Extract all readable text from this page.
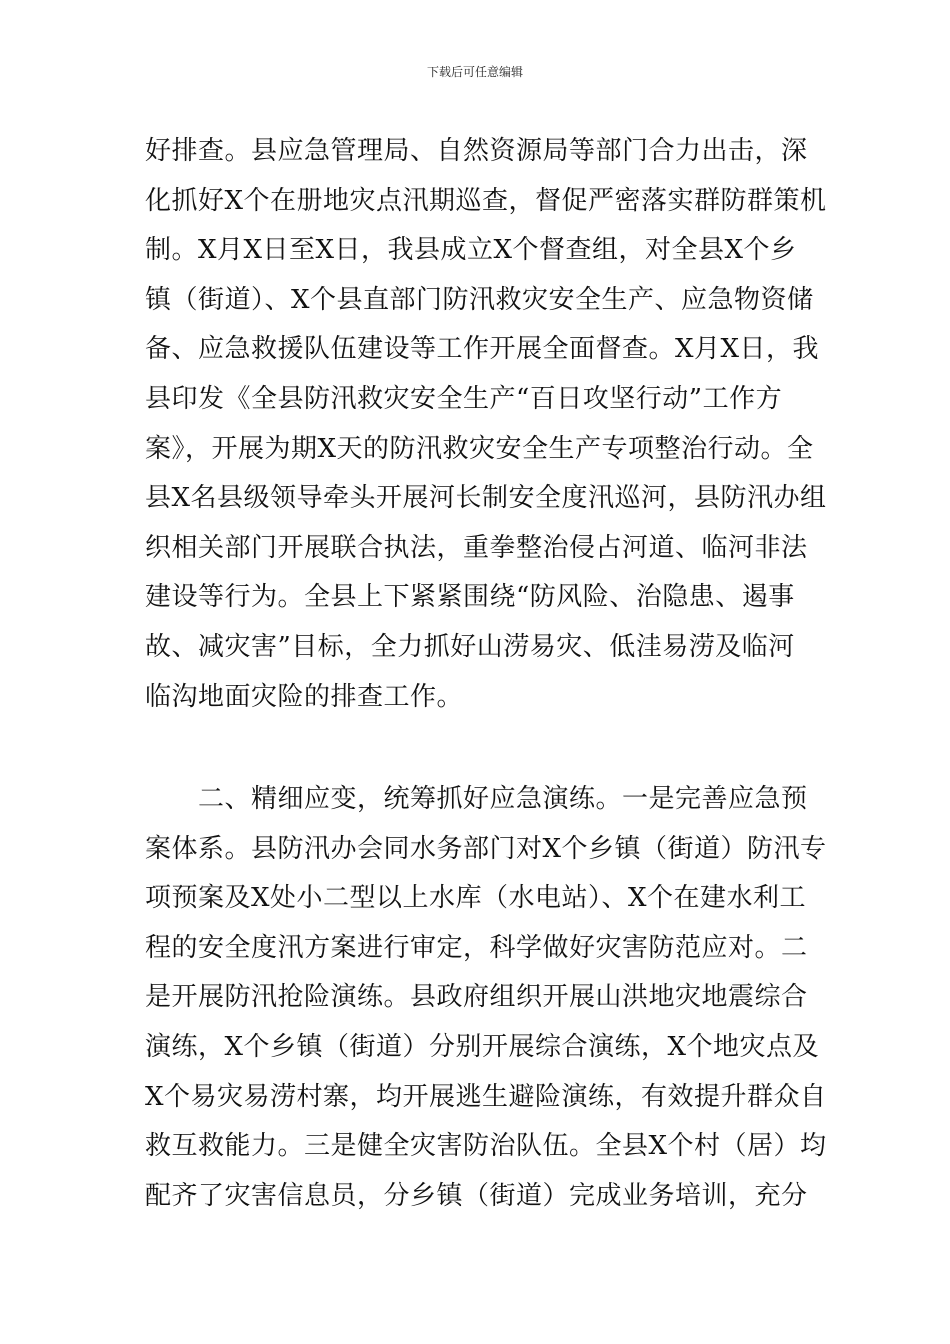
下载后可任意编辑
好排查。县应急管理局、自然资源局等部门合力出击，深
化抓好X个在册地灾点汛期巡查，督促严密落实群防群策机
制。X月X日至X日，我县成立X个督查组，对全县X个乡
镇（街道）、X个县直部门防汛救灾安全生产、应急物资储
备、应急救援队伍建设等工作开展全面督查。X月X日，我
县印发《全县防汛救灾安全生产“百日攻坚行动”工作方
案》，开展为期X天的防汛救灾安全生产专项整治行动。全
县X名县级领导牵头开展河长制安全度汛巡河，县防汛办组
织相关部门开展联合执法，重拳整治侵占河道、临河非法
建设等行为。全县上下紧紧围绕“防风险、治隐患、遏事
故、减灾害”目标，全力抓好山涝易灾、低洼易涝及临河
临沟地面灾险的排查工作。
　　二、精细应变，统筹抓好应急演练。一是完善应急预
案体系。县防汛办会同水务部门对X个乡镇（街道）防汛专
项预案及X处小二型以上水库（水电站）、X个在建水利工
程的安全度汛方案进行审定，科学做好灾害防范应对。二
是开展防汛抢险演练。县政府组织开展山洪地灾地震综合
演练，X个乡镇（街道）分别开展综合演练，X个地灾点及
X个易灾易涝村寨，均开展逃生避险演练，有效提升群众自
救互救能力。三是健全灾害防治队伍。全县X个村（居）均
配齐了灾害信息员，分乡镇（街道）完成业务培训，充分
